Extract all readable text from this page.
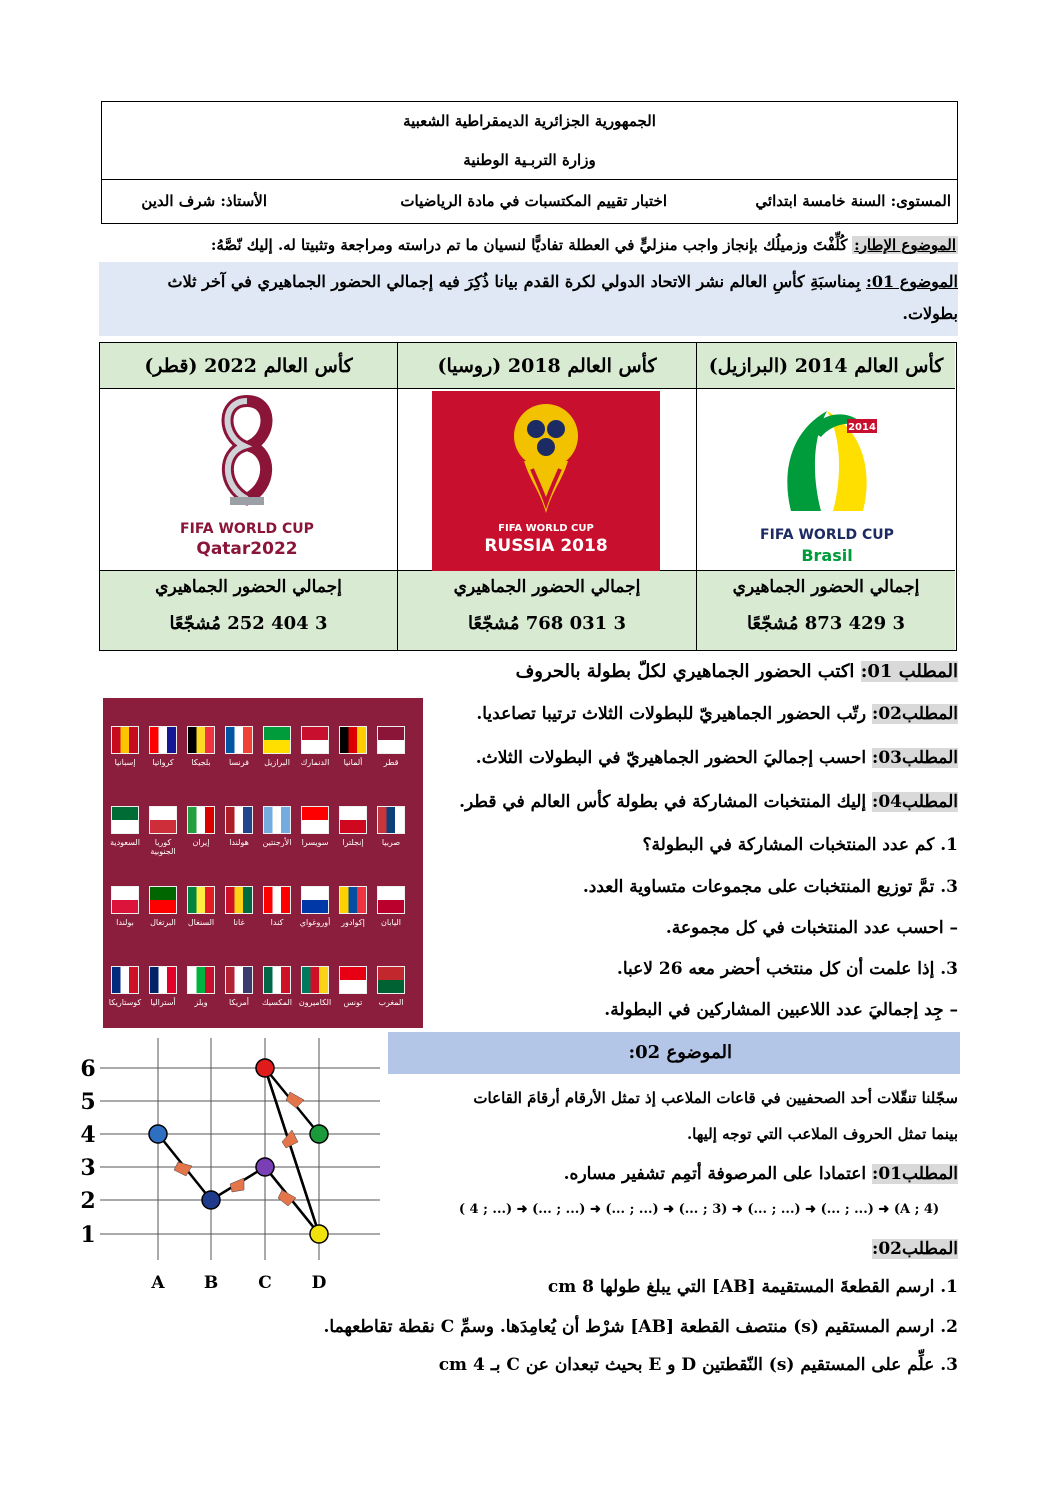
الجمهورية الجزائرية الديمقراطية الشعبية
وزارة التربـية الوطنية
المستوى: السنة خامسة ابتدائي
اختبار تقييم المكتسبات في مادة الرياضيات
الأستاذ: شرف الدين
الموضوع الإطار: كُلِّفْتَ وزميلُك بإنجاز واجب منزليٍّ في العطلة تفاديًّا لنسيان ما تم دراسته ومراجعة وتثبيتا له. إليك نّصَّهُ:
الموضوع 01: بِمناسبَةِ كأسِ العالم نشر الاتحاد الدولي لكرة القدم بيانا ذُكِرَ فيه إجمالي الحضور الجماهيري في آخر ثلاث
بطولات.
كأس العالم 2022 (قطر)
FIFA WORLD CUP
Qatar2022
إجمالي الحضور الجماهيري
3 404 252 مُشجّعًا
كأس العالم 2018 (روسيا)
FIFA WORLD CUP
RUSSIA 2018
إجمالي الحضور الجماهيري
3 031 768 مُشجّعًا
كأس العالم 2014 (البرازيل)
2014
FIFA WORLD CUP
Brasil
إجمالي الحضور الجماهيري
3 429 873 مُشجّعًا
المطلب 01: اكتب الحضور الجماهيري لكلّ بطولة بالحروف
المطلب02: رتّب الحضور الجماهيريّ للبطولات الثلاث ترتيبا تصاعديا.
المطلب03: احسب إجماليَ الحضور الجماهيريّ في البطولات الثلاث.
المطلب04: إليك المنتخبات المشاركة في بطولة كأس العالم في قطر.
1. كم عدد المنتخبات المشاركة في البطولة؟
3. تمَّ توزيع المنتخبات على مجموعات متساوية العدد.
– احسب عدد المنتخبات في كل مجموعة.
3. إذا علمت أن كل منتخب أحضر معه 26 لاعبا.
– جِد إجماليَ عدد اللاعبين المشاركين في البطولة.
قطر
ألمانيا
الدنمارك
البرازيل
فرنسا
بلجيكا
كرواتيا
إسبانيا
صربيا
إنجلترا
سويسرا
الأرجنتين
هولندا
إيران
كوريا الجنوبية
السعودية
اليابان
إكوادور
أوروغواي
كندا
غانا
السنغال
البرتغال
بولندا
المغرب
تونس
الكاميرون
المكسيك
أمريكا
ويلز
أستراليا
كوستاريكا
6
5
4
3
2
1
A B C D
الموضوع 02:
سجّلنا تنقّلات أحد الصحفيين في قاعات الملاعب إذ تمثل الأرقام أرقامَ القاعات
بينما تمثل الحروف الملاعب التي توجه إليها.
المطلب01: اعتمادا على المرصوفة أتمِم تشفير مساره.
( 4 ; ...) ➜ (... ; ...) ➜ (... ; ...) ➜ (... ; 3) ➜ (... ; ...) ➜ (... ; ...) ➜ (A ; 4)
المطلب02:
1. ارسم القطعةَ المستقيمة [AB] التي يبلغ طولها 8 cm
2. ارسم المستقيم (s) منتصف القطعة [AB] شرْط أن يُعامِدَها. وسمِّ C نقطة تقاطعهما.
3. علِّم على المستقيم (s) النّقطتين D و E بحيث تبعدان عن C بـ 4 cm
